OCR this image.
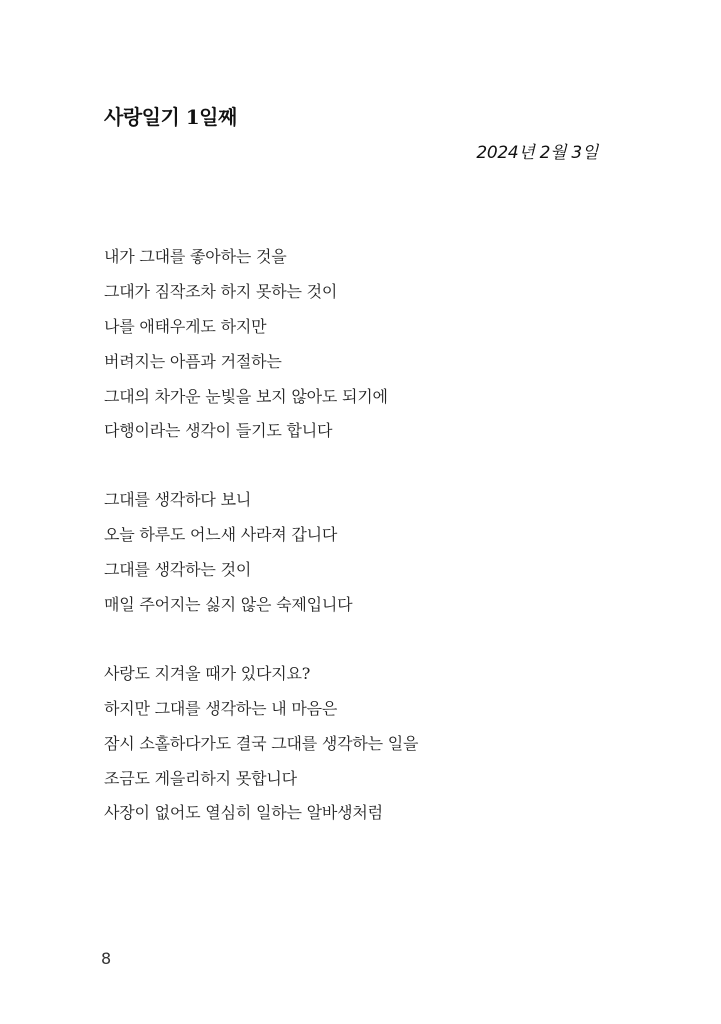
사랑일기 1일째
2024년 2월 3일
내가 그대를 좋아하는 것을
그대가 짐작조차 하지 못하는 것이
나를 애태우게도 하지만
버려지는 아픔과 거절하는
그대의 차가운 눈빛을 보지 않아도 되기에
다행이라는 생각이 들기도 합니다
그대를 생각하다 보니
오늘 하루도 어느새 사라져 갑니다
그대를 생각하는 것이
매일 주어지는 싫지 않은 숙제입니다
사랑도 지겨울 때가 있다지요?
하지만 그대를 생각하는 내 마음은
잠시 소홀하다가도 결국 그대를 생각하는 일을
조금도 게을리하지 못합니다
사장이 없어도 열심히 일하는 알바생처럼
8
